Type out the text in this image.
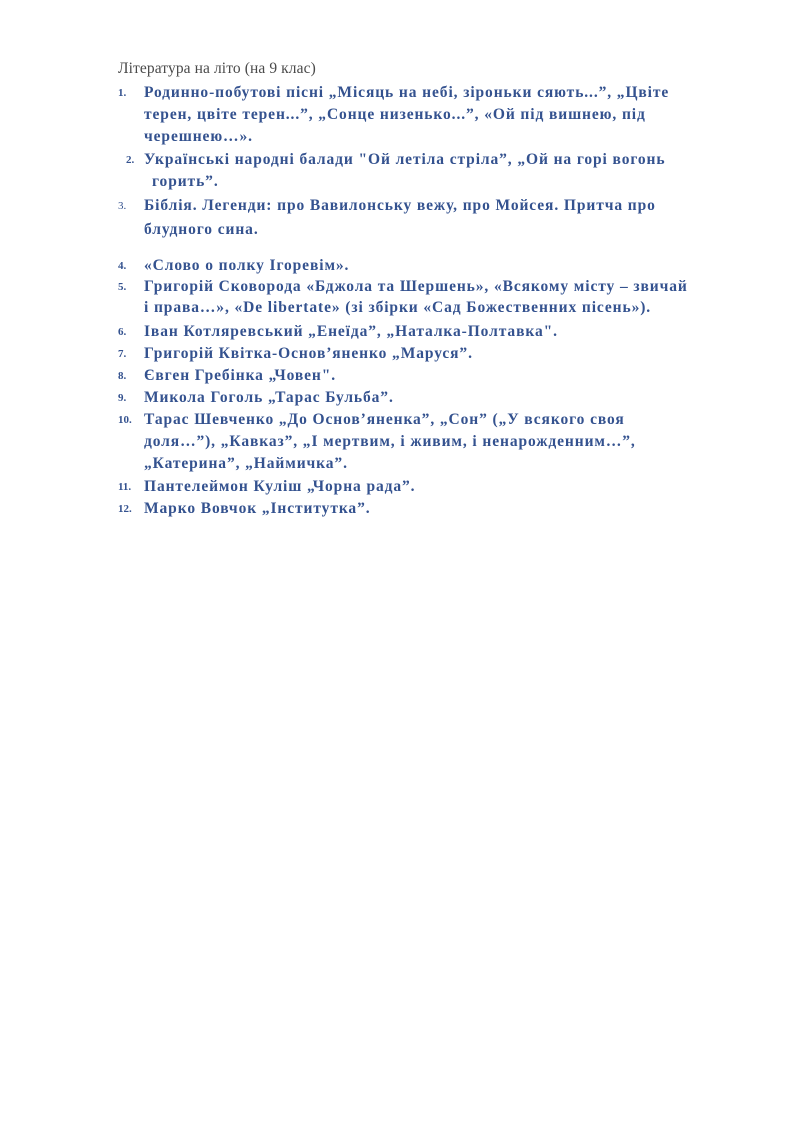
Література на літо (на 9 клас)
1. Родинно-побутові пісні „Місяць на небі, зіроньки сяють...”, „Цвіте
терен, цвіте терен...”, „Сонце низенько...”, «Ой під вишнею, під
черешнею…».
2. Українські народні балади "Ой летіла стріла”, „Ой на горі вогонь
горить”.
3. Біблія. Легенди: про Вавилонську вежу, про Мойсея. Притча про
блудного сина.
4. «Слово о полку Ігоревім».
5. Григорій Сковорода «Бджола та Шершень», «Всякому місту – звичай
і права…», «De libertate» (зі збірки «Сад Божественних пісень»).
6. Іван Котляревський „Енеїда”, „Наталка-Полтавка".
7. Григорій Квітка-Основ’яненко „Маруся”.
8. Євген Гребінка „Човен".
9. Микола Гоголь „Тарас Бульба”.
10. Тарас Шевченко „До Основ’яненка”, „Сон” („У всякого своя
доля…”), „Кавказ”, „І мертвим, і живим, і ненарожденним…”,
„Катерина”, „Наймичка”.
11. Пантелеймон Куліш „Чорна рада”.
12. Марко Вовчок „Інститутка”.
